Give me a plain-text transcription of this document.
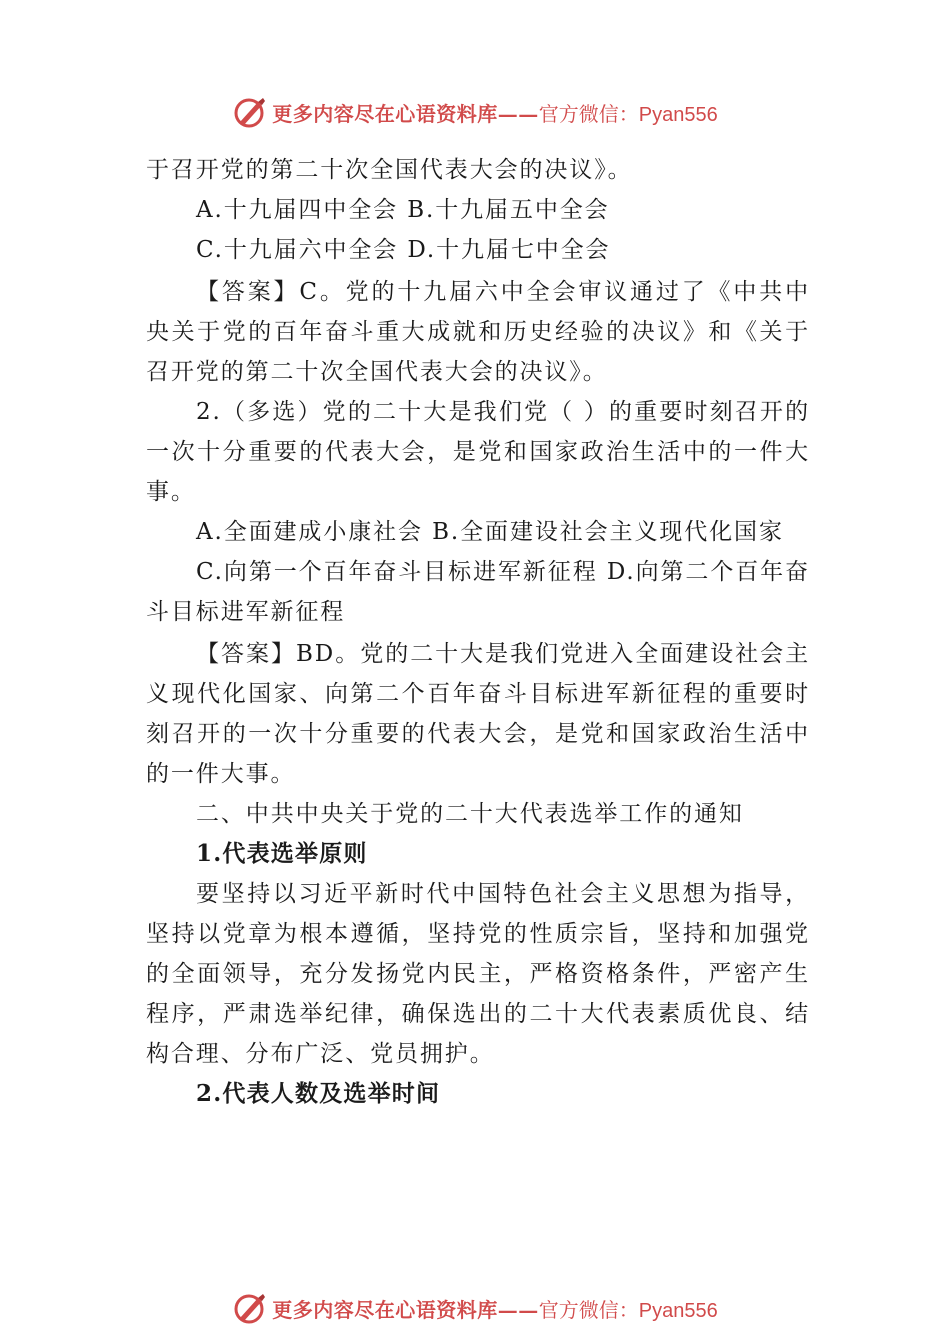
更多内容尽在心语资料库—— 官方微信：Pyan556

于召开党的第二十次全国代表大会的决议》。

A.十九届四中全会 B.十九届五中全会

C.十九届六中全会 D.十九届七中全会

【答案】C。党的十九届六中全会审议通过了《中共中央关于党的百年奋斗重大成就和历史经验的决议》和《关于召开党的第二十次全国代表大会的决议》。

2.（多选）党的二十大是我们党（ ）的重要时刻召开的一次十分重要的代表大会，是党和国家政治生活中的一件大事。

A.全面建成小康社会 B.全面建设社会主义现代化国家

C.向第一个百年奋斗目标进军新征程 D.向第二个百年奋斗目标进军新征程

【答案】BD。党的二十大是我们党进入全面建设社会主义现代化国家、向第二个百年奋斗目标进军新征程的重要时刻召开的一次十分重要的代表大会，是党和国家政治生活中的一件大事。

二、中共中央关于党的二十大代表选举工作的通知

1.代表选举原则

要坚持以习近平新时代中国特色社会主义思想为指导，坚持以党章为根本遵循，坚持党的性质宗旨，坚持和加强党的全面领导，充分发扬党内民主，严格资格条件，严密产生程序，严肃选举纪律，确保选出的二十大代表素质优良、结构合理、分布广泛、党员拥护。

2.代表人数及选举时间

更多内容尽在心语资料库—— 官方微信：Pyan556
